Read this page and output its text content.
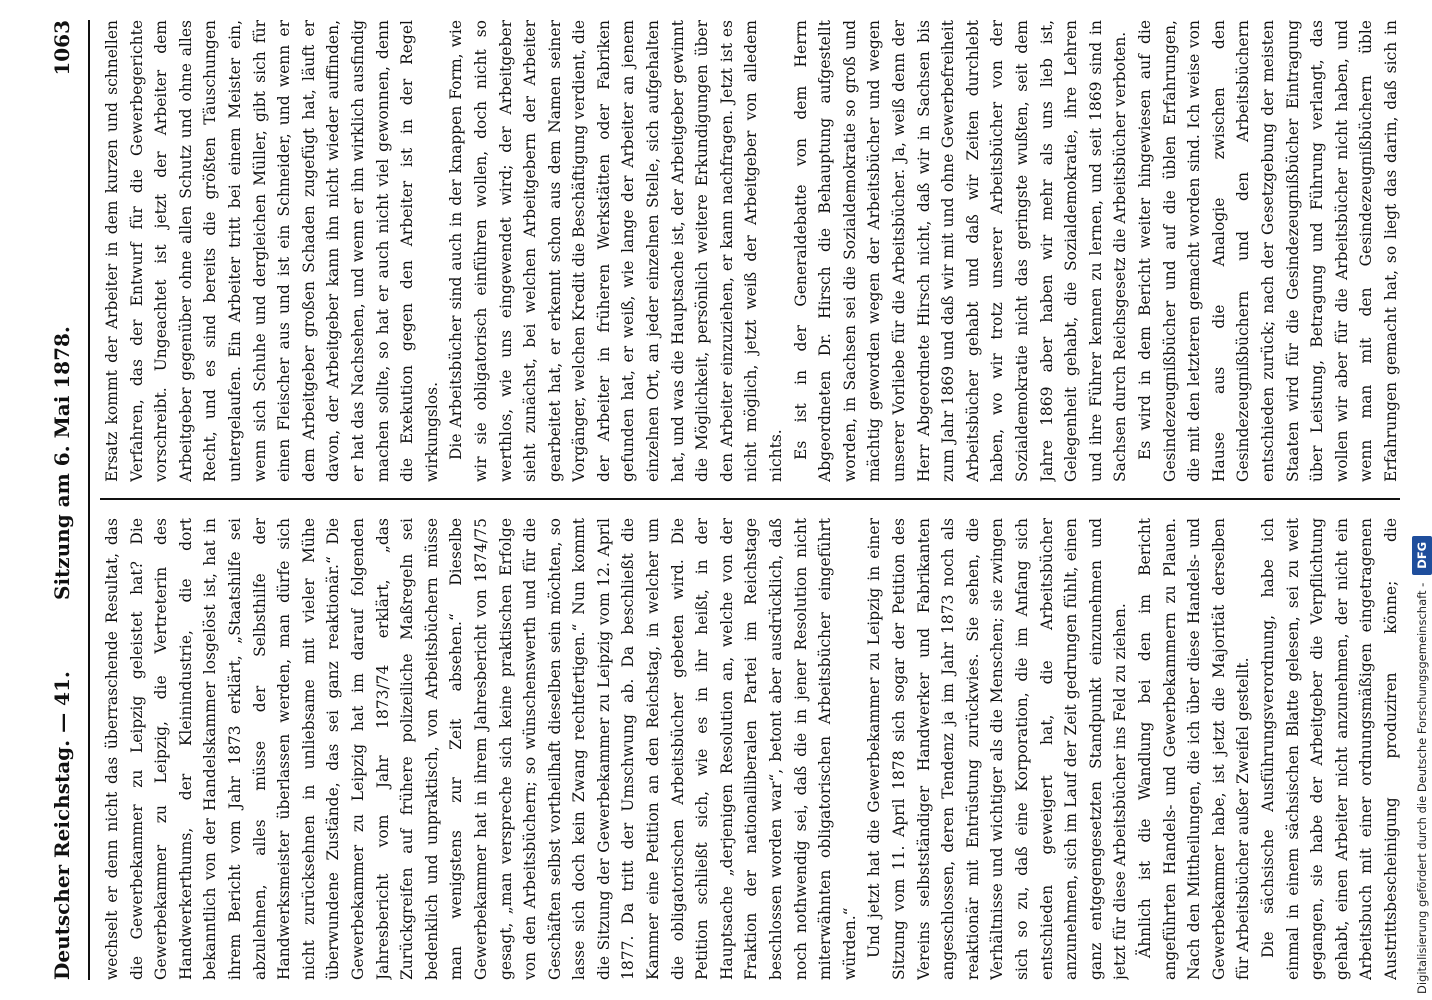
Deutscher Reichstag. — 41.
Sitzung am 6. Mai 1878.
1063

wechselt er denn nicht das überraschende Resultat, das die Gewerbekammer zu Leipzig geleistet hat? Die Gewerbekammer zu Leipzig, die Vertreterin des Handwerkerthums, der Kleinindustrie, die dort bekanntlich von der Handelskammer losgelöst ist, hat in ihrem Bericht vom Jahr 1873 erklärt, „Staatshilfe sei abzulehnen, alles müsse der Selbsthilfe der Handwerksmeister überlassen werden, man dürfe sich nicht zurücksehnen in unliebsame mit vieler Mühe überwundene Zustände, das sei ganz reaktionär.“ Die Gewerbekammer zu Leipzig hat im darauf folgenden Jahresbericht vom Jahr 1873/74 erklärt, „das Zurückgreifen auf frühere polizeiliche Maßregeln sei bedenklich und unpraktisch, von Arbeitsbüchern müsse man wenigstens zur Zeit absehen.“ Dieselbe Gewerbekammer hat in ihrem Jahresbericht von 1874/75 gesagt, „man verspreche sich keine praktischen Erfolge von den Arbeitsbüchern; so wünschenswerth und für die Geschäften selbst vortheilhaft dieselben sein möchten, so lasse sich doch kein Zwang rechtfertigen.“ Nun kommt die Sitzung der Gewerbekammer zu Leipzig vom 12. April 1877. Da tritt der Umschwung ab. Da beschließt die Kammer eine Petition an den Reichstag, in welcher um die obligatorischen Arbeitsbücher gebeten wird. Die Petition schließt sich, wie es in ihr heißt, in der Hauptsache „derjenigen Resolution an, welche von der Fraktion der nationalliberalen Partei im Reichstage beschlossen worden war“, betont aber ausdrücklich, daß noch nothwendig sei, daß die in jener Resolution nicht miterwähnten obligatorischen Arbeitsbücher eingeführt würden.“ Und jetzt hat die Gewerbekammer zu Leipzig in einer Sitzung vom 11. April 1878 sich sogar der Petition des Vereins selbstständiger Handwerker und Fabrikanten angeschlossen, deren Tendenz ja im Jahr 1873 noch als reaktionär mit Entrüstung zurückwies. Sie sehen, die Verhältnisse und wichtiger als die Menschen; sie zwingen sich so zu, daß eine Korporation, die im Anfang sich entschieden geweigert hat, die Arbeitsbücher anzunehmen, sich im Lauf der Zeit gedrungen fühlt, einen ganz entgegengesetzten Standpunkt einzunehmen und jetzt für diese Arbeitsbücher ins Feld zu ziehen. Ähnlich ist die Wandlung bei den im Bericht angeführten Handels- und Gewerbekammern zu Plauen. Nach den Mittheilungen, die ich über diese Handels- und Gewerbekammer habe, ist jetzt die Majorität derselben für Arbeitsbücher außer Zweifel gestellt. Die sächsische Ausführungsverordnung, habe ich einmal in einem sächsischen Blatte gelesen, sei zu weit gegangen, sie habe der Arbeitgeber die Verpflichtung gehabt, einen Arbeiter nicht anzunehmen, der nicht ein Arbeitsbuch mit einer ordnungsmäßigen eingetragenen Austrittsbescheinigung produziren könne; die

Ersatz kommt der Arbeiter in dem kurzen und schnellen Verfahren, das der Entwurf für die Gewerbegerichte vorschreibt. Ungeachtet ist jetzt der Arbeiter dem Arbeitgeber gegenüber ohne allen Schutz und ohne alles Recht, und es sind bereits die größten Täuschungen untergelaufen. Ein Arbeiter tritt bei einem Meister ein, wenn sich Schuhe und dergleichen Müller, gibt sich für einen Fleischer aus und ist ein Schneider, und wenn er dem Arbeitgeber großen Schaden zugefügt hat, läuft er davon, der Arbeitgeber kann ihn nicht wieder auffinden, er hat das Nachsehen, und wenn er ihn wirklich ausfindig machen sollte, so hat er auch nicht viel gewonnen, denn die Exekution gegen den Arbeiter ist in der Regel wirkungslos. Die Arbeitsbücher sind auch in der knappen Form, wie wir sie obligatorisch einführen wollen, doch nicht so werthlos, wie uns eingewendet wird; der Arbeitgeber sieht zunächst, bei welchen Arbeitgebern der Arbeiter gearbeitet hat, er erkennt schon aus dem Namen seiner Vorgänger, welchen Kredit die Beschäftigung verdient, die der Arbeiter in früheren Werkstätten oder Fabriken gefunden hat, er weiß, wie lange der Arbeiter an jenem einzelnen Ort, an jeder einzelnen Stelle, sich aufgehalten hat, und was die Hauptsache ist, der Arbeitgeber gewinnt die Möglichkeit, persönlich weitere Erkundigungen über den Arbeiter einzuziehen, er kann nachfragen. Jetzt ist es nicht möglich, jetzt weiß der Arbeitgeber von alledem nichts. Es ist in der Generaldebatte von dem Herrn Abgeordneten Dr. Hirsch die Behauptung aufgestellt worden, in Sachsen sei die Sozialdemokratie so groß und mächtig geworden wegen der Arbeitsbücher und wegen unserer Vorliebe für die Arbeitsbücher. Ja, weiß denn der Herr Abgeordnete Hirsch nicht, daß wir in Sachsen bis zum Jahr 1869 und daß wir mit und ohne Gewerbefreiheit Arbeitsbücher gehabt und daß wir Zeiten durchlebt haben, wo wir trotz unserer Arbeitsbücher von der Sozialdemokratie nicht das geringste wußten, seit dem Jahre 1869 aber haben wir mehr als uns lieb ist, Gelegenheit gehabt, die Sozialdemokratie, ihre Lehren und ihre Führer kennen zu lernen, und seit 1869 sind in Sachsen durch Reichsgesetz die Arbeitsbücher verboten. Es wird in dem Bericht weiter hingewiesen auf die Gesindezeugnißbücher und auf die üblen Erfahrungen, die mit den letzteren gemacht worden sind. Ich weise von Hause aus die Analogie zwischen den Gesindezeugnißbüchern und den Arbeitsbüchern entschieden zurück; nach der Gesetzgebung der meisten Staaten wird für die Gesindezeugnißbücher Eintragung über Leistung, Betragung und Führung verlangt, das wollen wir aber für die Arbeitsbücher nicht haben, und wenn man mit den Gesindezeugnißbüchern üble Erfahrungen gemacht hat, so liegt das darin, daß sich in

Digitalisierung gefördert durch die Deutsche Forschungsgemeinschaft -DFG
